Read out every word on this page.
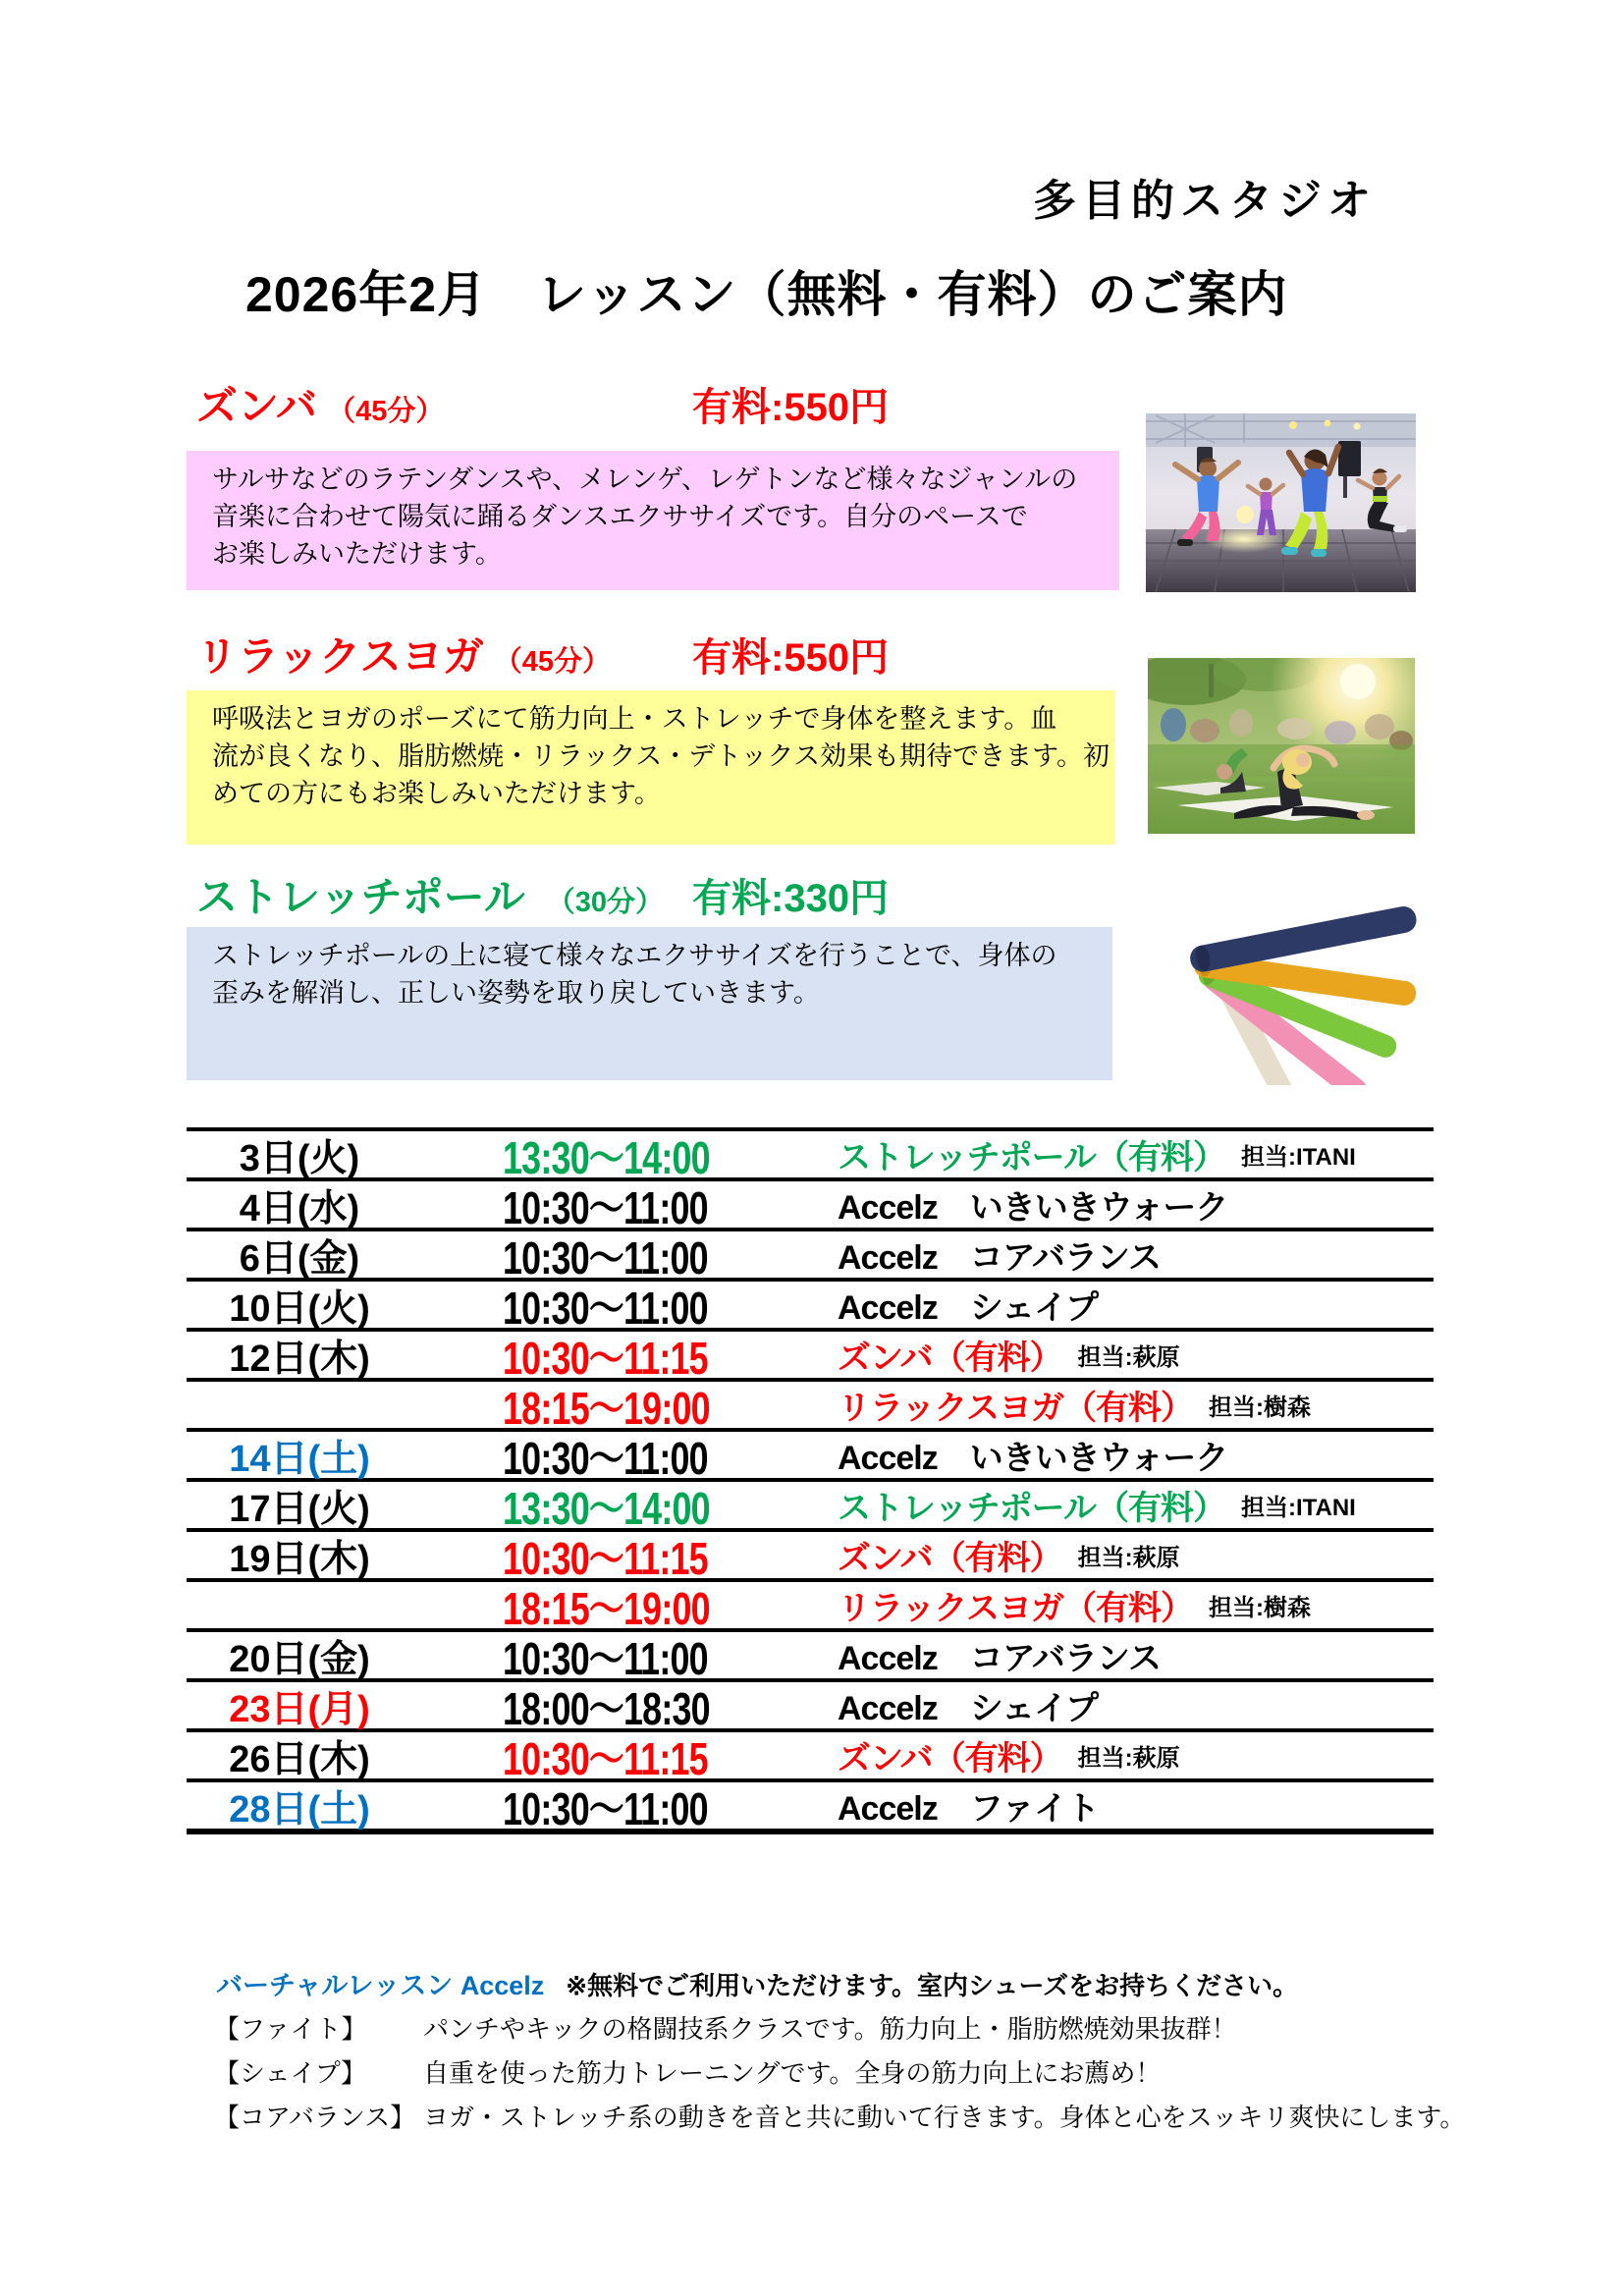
多目的スタジオ
2026年2月　レッスン（無料・有料）のご案内
ズンバ （45分）	有料:550円
サルサなどのラテンダンスや、メレンゲ、レゲトンなど様々なジャンルの
音楽に合わせて陽気に踊るダンスエクササイズです。自分のペースで
お楽しみいただけます。
リラックスヨガ （45分） 有料:550円
呼吸法とヨガのポーズにて筋力向上・ストレッチで身体を整えます。血
流が良くなり、脂肪燃焼・リラックス・デトックス効果も期待できます。初
めての方にもお楽しみいただけます。
ストレッチポール （30分） 有料:330円
ストレッチポールの上に寝て様々なエクササイズを行うことで、身体の
歪みを解消し、正しい姿勢を取り戻していきます。
3日(火)	13:30～14:00	ストレッチポール（有料） 担当:ITANI
4日(水)	10:30～11:00	Accelz　いきいきウォーク
6日(金)	10:30～11:00	Accelz　コアバランス
10日(火)	10:30～11:00	Accelz　シェイプ
12日(木)	10:30～11:15	ズンバ（有料） 担当:萩原
18:15～19:00	リラックスヨガ（有料） 担当:樹森
14日(土)	10:30～11:00	Accelz　いきいきウォーク
17日(火)	13:30～14:00	ストレッチポール（有料） 担当:ITANI
19日(木)	10:30～11:15	ズンバ（有料） 担当:萩原
18:15～19:00	リラックスヨガ（有料） 担当:樹森
20日(金)	10:30～11:00	Accelz　コアバランス
23日(月)	18:00～18:30	Accelz　シェイプ
26日(木)	10:30～11:15	ズンバ（有料） 担当:萩原
28日(土)	10:30～11:00	Accelz　ファイト
バーチャルレッスン Accelz ※無料でご利用いただけます。室内シューズをお持ちください。
【ファイト】	パンチやキックの格闘技系クラスです。筋力向上・脂肪燃焼効果抜群！
【シェイプ】	自重を使った筋力トレーニングです。全身の筋力向上にお薦め！
【コアバランス】 ヨガ・ストレッチ系の動きを音と共に動いて行きます。身体と心をスッキリ爽快にします。
